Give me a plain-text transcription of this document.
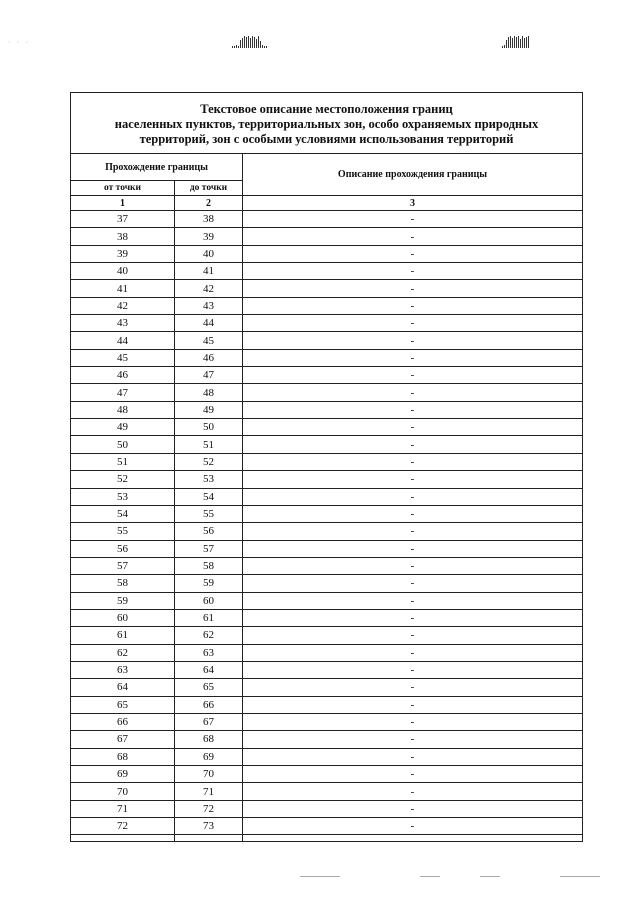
· · ·
Текстовое описание местоположения границ
населенных пунктов, территориальных зон, особо охраняемых природных
территорий, зон с особыми условиями использования территорий		

Прохождение границы		Описание прохождения границы
от точки	до точки	
1	2	3
37	38	-
38	39	-
39	40	-
40	41	-
41	42	-
42	43	-
43	44	-
44	45	-
45	46	-
46	47	-
47	48	-
48	49	-
49	50	-
50	51	-
51	52	-
52	53	-
53	54	-
54	55	-
55	56	-
56	57	-
57	58	-
58	59	-
59	60	-
60	61	-
61	62	-
62	63	-
63	64	-
64	65	-
65	66	-
66	67	-
67	68	-
68	69	-
69	70	-
70	71	-
71	72	-
72	73	-
